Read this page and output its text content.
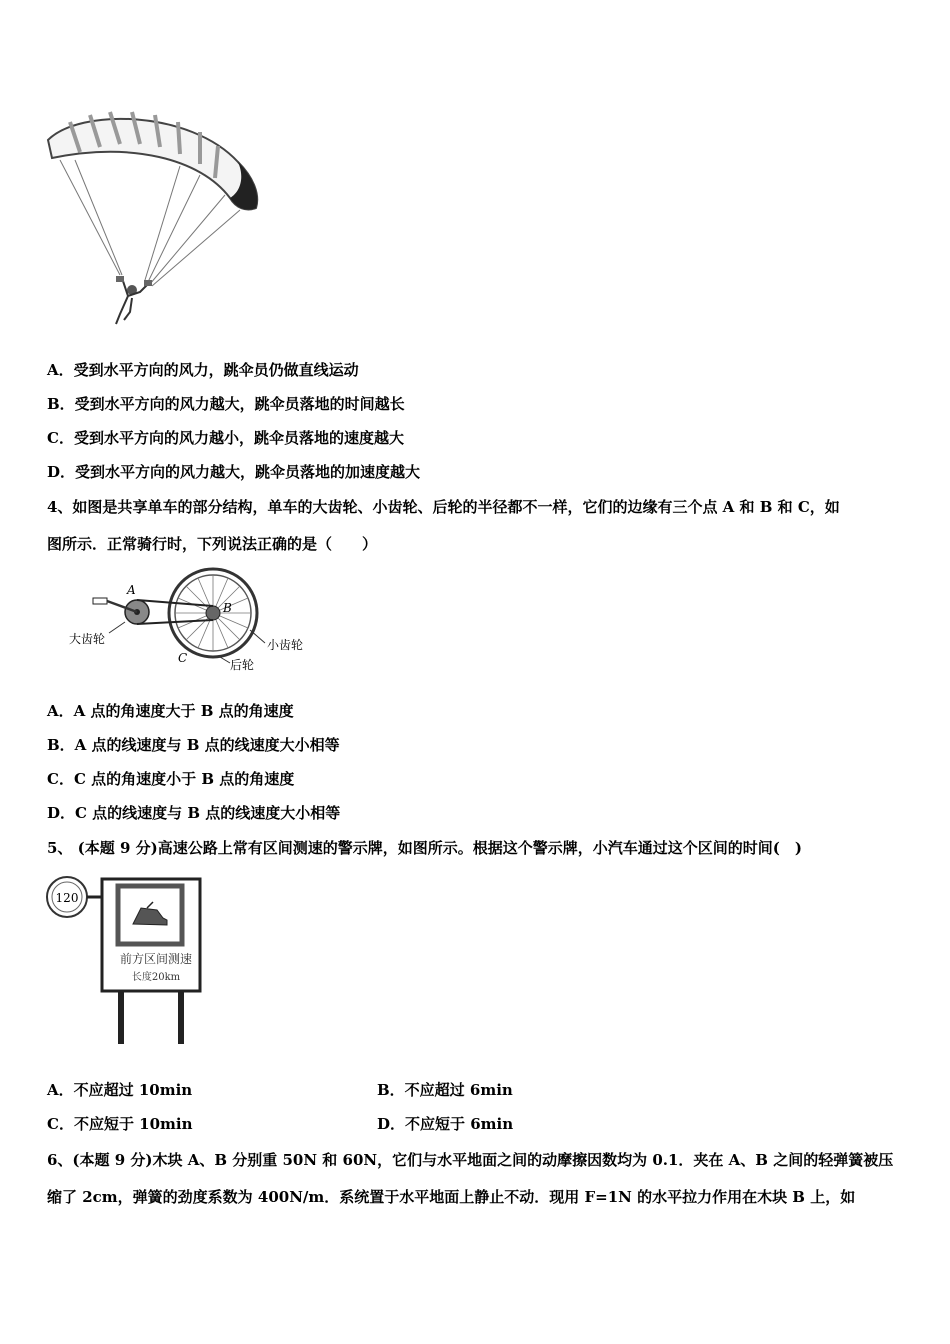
A．受到水平方向的风力，跳伞员仍做直线运动
B．受到水平方向的风力越大，跳伞员落地的时间越长
C．受到水平方向的风力越小，跳伞员落地的速度越大
D．受到水平方向的风力越大，跳伞员落地的加速度越大
4、如图是共享单车的部分结构，单车的大齿轮、小齿轮、后轮的半径都不一样，它们的边缘有三个点 A 和 B 和 C，如
图所示．正常骑行时，下列说法正确的是（　　）
A
B
C
大齿轮	小齿轮
后轮
A．A 点的角速度大于 B 点的角速度
B．A 点的线速度与 B 点的线速度大小相等
C．C 点的角速度小于 B 点的角速度
D．C 点的线速度与 B 点的线速度大小相等
5、 (本题 9 分)高速公路上常有区间测速的警示牌，如图所示。根据这个警示牌，小汽车通过这个区间的时间(　)
120
前方区间测速
长度20km
A．不应超过 10min	B．不应超过 6min
C．不应短于 10min	D．不应短于 6min
6、(本题 9 分)木块 A、B 分别重 50N 和 60N，它们与水平地面之间的动摩擦因数均为 0.1．夹在 A、B 之间的轻弹簧被压
缩了 2cm，弹簧的劲度系数为 400N/m．系统置于水平地面上静止不动．现用 F=1N 的水平拉力作用在木块 B 上，如
